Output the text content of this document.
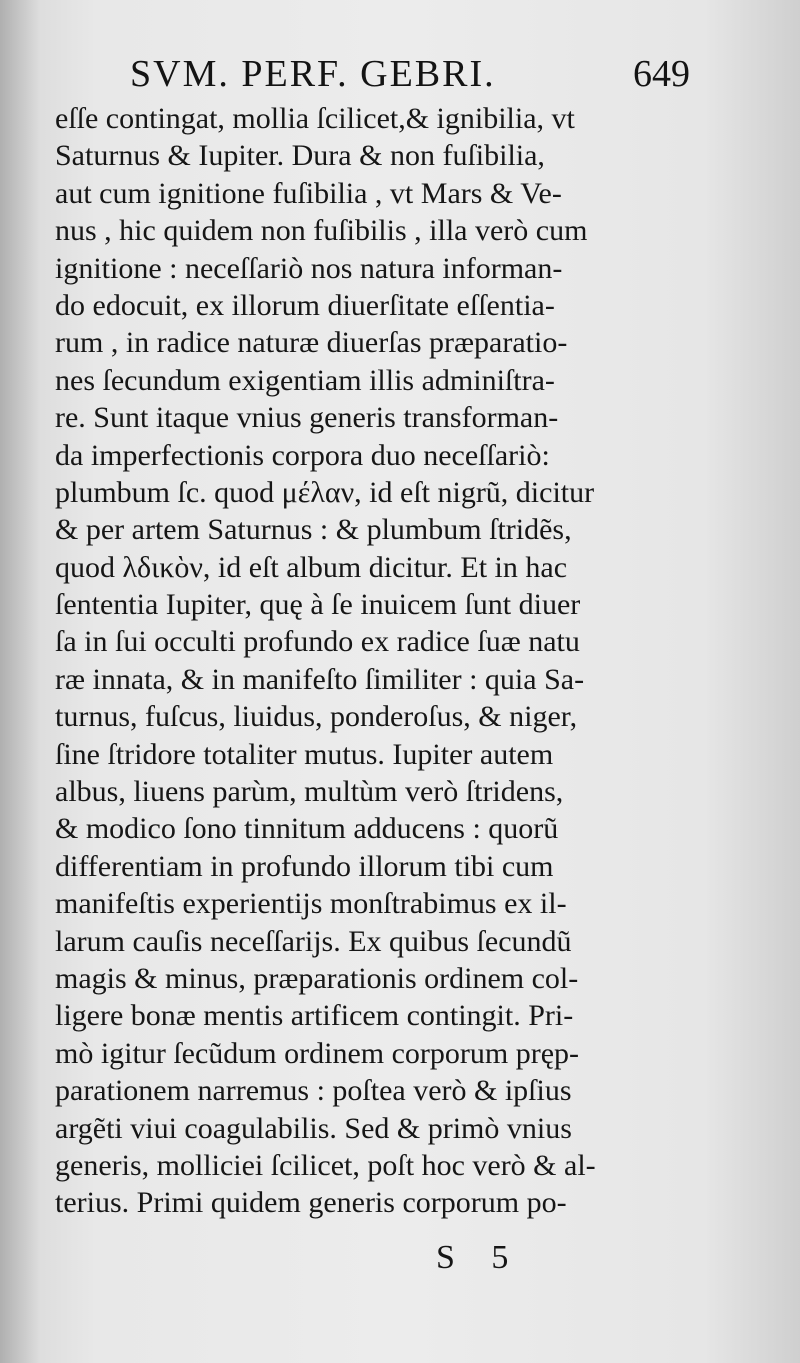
SVM. PERF. GEBRI.	649
eſſe contingat, mollia ſcilicet,& ignibilia, vt
Saturnus & Iupiter. Dura & non fuſibilia,
aut cum ignitione fuſibilia , vt Mars & Ve-
nus , hic quidem non fuſibilis , illa verò cum
ignitione : neceſſariò nos natura informan-
do edocuit, ex illorum diuerſitate eſſentia-
rum , in radice naturæ diuerſas præparatio-
nes ſecundum exigentiam illis adminiſtra-
re. Sunt itaque vnius generis transforman-
da imperfectionis corpora duo neceſſariò:
plumbum ſc. quod μέλαν, id eſt nigrũ, dicitur
& per artem Saturnus : & plumbum ſtridẽs,
quod λδικὸν, id eſt album dicitur. Et in hac
ſententia Iupiter, quę à ſe inuicem ſunt diuer
ſa in ſui occulti profundo ex radice ſuæ natu
ræ innata, & in manifeſto ſimiliter : quia Sa-
turnus, fuſcus, liuidus, ponderoſus, & niger,
ſine ſtridore totaliter mutus. Iupiter autem
albus, liuens parùm, multùm verò ſtridens,
& modico ſono tinnitum adducens : quorũ
differentiam in profundo illorum tibi cum
manifeſtis experientijs monſtrabimus ex il-
larum cauſis neceſſarijs. Ex quibus ſecundũ
magis & minus, præparationis ordinem col-
ligere bonæ mentis artificem contingit. Pri-
mò igitur ſecũdum ordinem corporum pręp-
parationem narremus : poſtea verò & ipſius
argẽti viui coagulabilis. Sed & primò vnius
generis, molliciei ſcilicet, poſt hoc verò & al-
terius. Primi quidem generis corporum po-
S 5
